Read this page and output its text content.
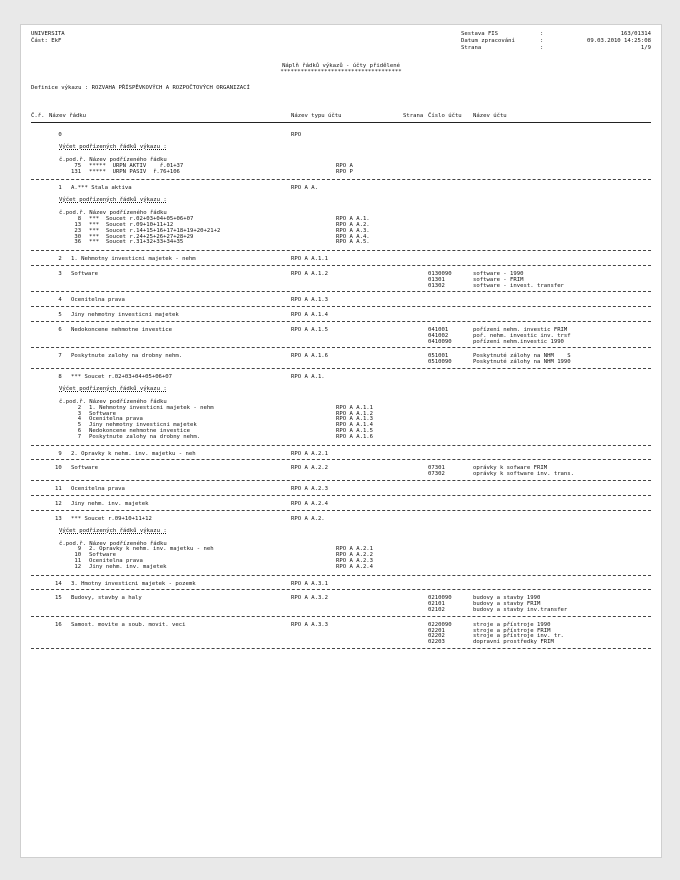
UNIVERSITA
Část: EkF
Sestava FIS	:	163/01314
Datum zpracování	:	09.03.2010 14:25:08
Strana	:	1/9
Náplň řádků výkazů - účty přidělené
************************************
Definice výkazu : ROZVAHA PŘÍSPĚVKOVÝCH A ROZPOČTOVÝCH ORGANIZACÍ
Č.ř. Název řádku	Název typu účtu	Strana Číslo účtu Název účtu
0	RPO
Výčet podřízených řádků výkazu :
č.pod.ř. Název podřízeného řádku
75 *****  URPN AKTIV    ř.01+37	RPO A
131 *****  URPN PASIV  ř.76+106	RPO P
1 A.*** Stala aktiva	RPO A A.
Výčet podřízených řádků výkazu :
č.pod.ř. Název podřízeného řádku
8 ***  Soucet r.02+03+04+05+06+07	RPO A A.1.
13 ***  Soucet r.09+10+11+12	RPO A A.2.
23 ***  Soucet r.14+15+16+17+18+19+20+21+2	RPO A A.3.
30 ***  Soucet r.24+25+26+27+28+29	RPO A A.4.
36 ***  Soucet r.31+32+33+34+35	RPO A A.5.
2 1. Nehmotny investicni majetek - nehm	RPO A A.1.1
3 Software	RPO A A.1.2	0130090	software - 1990
01301	software - FRIM
01302	software - invest. transfer
4 Ocenitelna prava	RPO A A.1.3
5 Jiny nehmotny investicni majetek	RPO A A.1.4
6 Nedokoncene nehmotne investice	RPO A A.1.5	041001	pořízení nehm. investic FRIM
041002	poř. nehm. investic inv. trsf
0410090	pořízení nehm.investic 1990
7 Poskytnute zalohy na drobny nehm.	RPO A A.1.6	051001	Poskytnuté zálohy na NHM    S
0510090	Poskytnuté zálohy na NHM 1990
8 *** Soucet r.02+03+04+05+06+07	RPO A A.1.
Výčet podřízených řádků výkazu :
č.pod.ř. Název podřízeného řádku
2 1. Nehmotny investicni majetek - nehm	RPO A A.1.1
3 Software	RPO A A.1.2
4 Ocenitelna prava	RPO A A.1.3
5 Jiny nehmotny investicni majetek	RPO A A.1.4
6 Nedokoncene nehmotne investice	RPO A A.1.5
7 Poskytnute zalohy na drobny nehm.	RPO A A.1.6
9 2. Opravky k nehm. inv. majetku - neh	RPO A A.2.1
10 Software	RPO A A.2.2	07301	oprávky k sofware FRIM
07302	oprávky k software inv. trans.
11 Ocenitelna prava	RPO A A.2.3
12 Jiny nehm. inv. majetek	RPO A A.2.4
13 *** Soucet r.09+10+11+12	RPO A A.2.
Výčet podřízených řádků výkazu :
č.pod.ř. Název podřízeného řádku
9 2. Opravky k nehm. inv. majetku - neh	RPO A A.2.1
10 Software	RPO A A.2.2
11 Ocenitelna prava	RPO A A.2.3
12 Jiny nehm. inv. majetek	RPO A A.2.4
14 3. Hmotny investicni majetek - pozemk	RPO A A.3.1
15 Budovy, stavby a haly	RPO A A.3.2	0210090	budovy a stavby 1990
02101	budovy a stavby FRIM
02102	budovy a stavby inv.transfer
16 Samost. movite a soub. movit. veci	RPO A A.3.3	0220090	stroje a přístroje 1990
02201	stroje a přístroje FRIM
02202	stroje a přístroje inv. tr.
02203	dopravní prostředky FRIM
